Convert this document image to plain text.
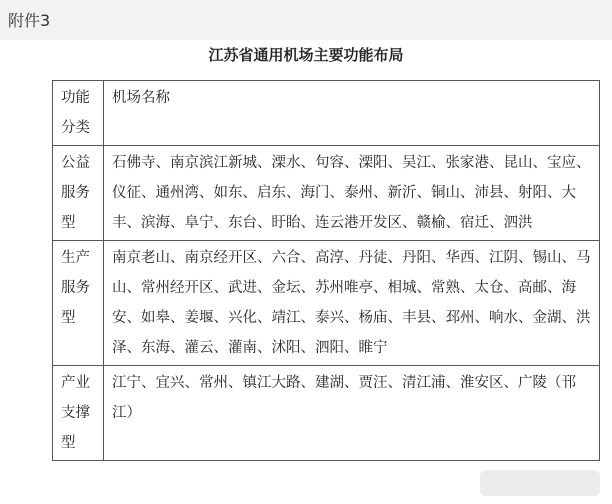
附件3
江苏省通用机场主要功能布局
功能分类	机场名称
公益服务型	石佛寺、南京滨江新城、溧水、句容、溧阳、吴江、张家港、昆山、宝应、仪征、通州湾、如东、启东、海门、泰州、新沂、铜山、沛县、射阳、大丰、滨海、阜宁、东台、盱眙、连云港开发区、赣榆、宿迁、泗洪
生产服务型	南京老山、南京经开区、六合、高淳、丹徒、丹阳、华西、江阴、锡山、马山、常州经开区、武进、金坛、苏州唯亭、相城、常熟、太仓、高邮、海安、如皋、姜堰、兴化、靖江、泰兴、杨庙、丰县、邳州、响水、金湖、洪泽、东海、灌云、灌南、沭阳、泗阳、睢宁
产业支撑型	江宁、宜兴、常州、镇江大路、建湖、贾汪、清江浦、淮安区、广陵（邗江）
